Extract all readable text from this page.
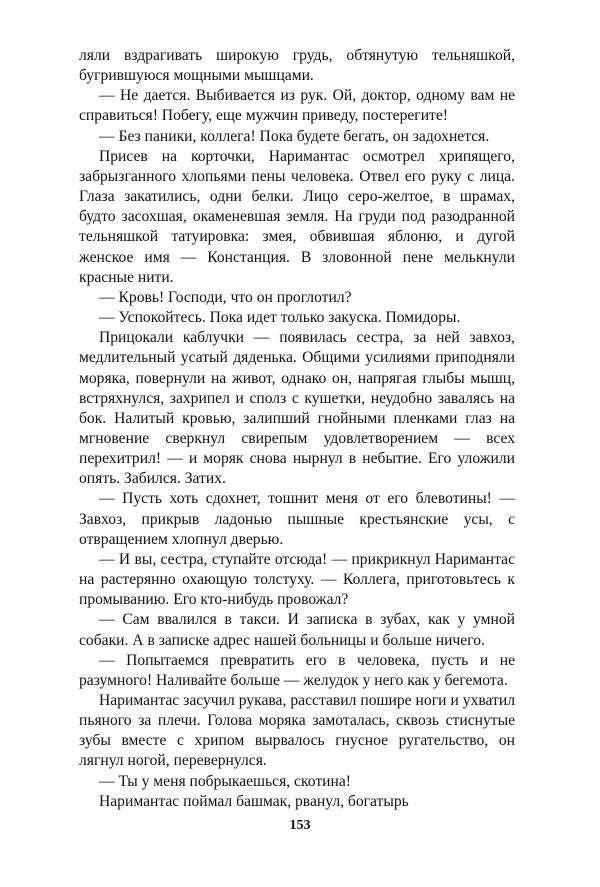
ляли вздрагивать широкую грудь, обтянутую тельняшкой, бугрившуюся мощными мышцами.

— Не дается. Выбивается из рук. Ой, доктор, одному вам не справиться! Побегу, еще мужчин приведу, постерегите!

— Без паники, коллега! Пока будете бегать, он задохнется.

Присев на корточки, Наримантас осмотрел хрипящего, забрызганного хлопьями пены человека. Отвел его руку с лица. Глаза закатились, одни белки. Лицо серо-желтое, в шрамах, будто засохшая, окаменевшая земля. На груди под разодранной тельняшкой татуировка: змея, обвившая яблоню, и дугой женское имя — Констанция. В зловонной пене мелькнули красные нити.

— Кровь! Господи, что он проглотил?

— Успокойтесь. Пока идет только закуска. Помидоры.

Прицокали каблучки — появилась сестра, за ней завхоз, медлительный усатый дяденька. Общими усилиями приподняли моряка, повернули на живот, однако он, напрягая глыбы мышц, встряхнулся, захрипел и сполз с кушетки, неудобно завалясь на бок. Налитый кровью, залипший гнойными пленками глаз на мгновение сверкнул свирепым удовлетворением — всех перехитрил! — и моряк снова нырнул в небытие. Его уложили опять. Забился. Затих.

— Пусть хоть сдохнет, тошнит меня от его блевотины! — Завхоз, прикрыв ладонью пышные крестьянские усы, с отвращением хлопнул дверью.

— И вы, сестра, ступайте отсюда! — прикрикнул Наримантас на растерянно охающую толстуху. — Коллега, приготовьтесь к промыванию. Его кто-нибудь провожал?

— Сам ввалился в такси. И записка в зубах, как у умной собаки. А в записке адрес нашей больницы и больше ничего.

— Попытаемся превратить его в человека, пусть и не разумного! Наливайте больше — желудок у него как у бегемота.

Наримантас засучил рукава, расставил пошире ноги и ухватил пьяного за плечи. Голова моряка замоталась, сквозь стиснутые зубы вместе с хрипом вырвалось гнусное ругательство, он лягнул ногой, перевернулся.

— Ты у меня побрыкаешься, скотина!

Наримантас поймал башмак, рванул, богатырь

153
